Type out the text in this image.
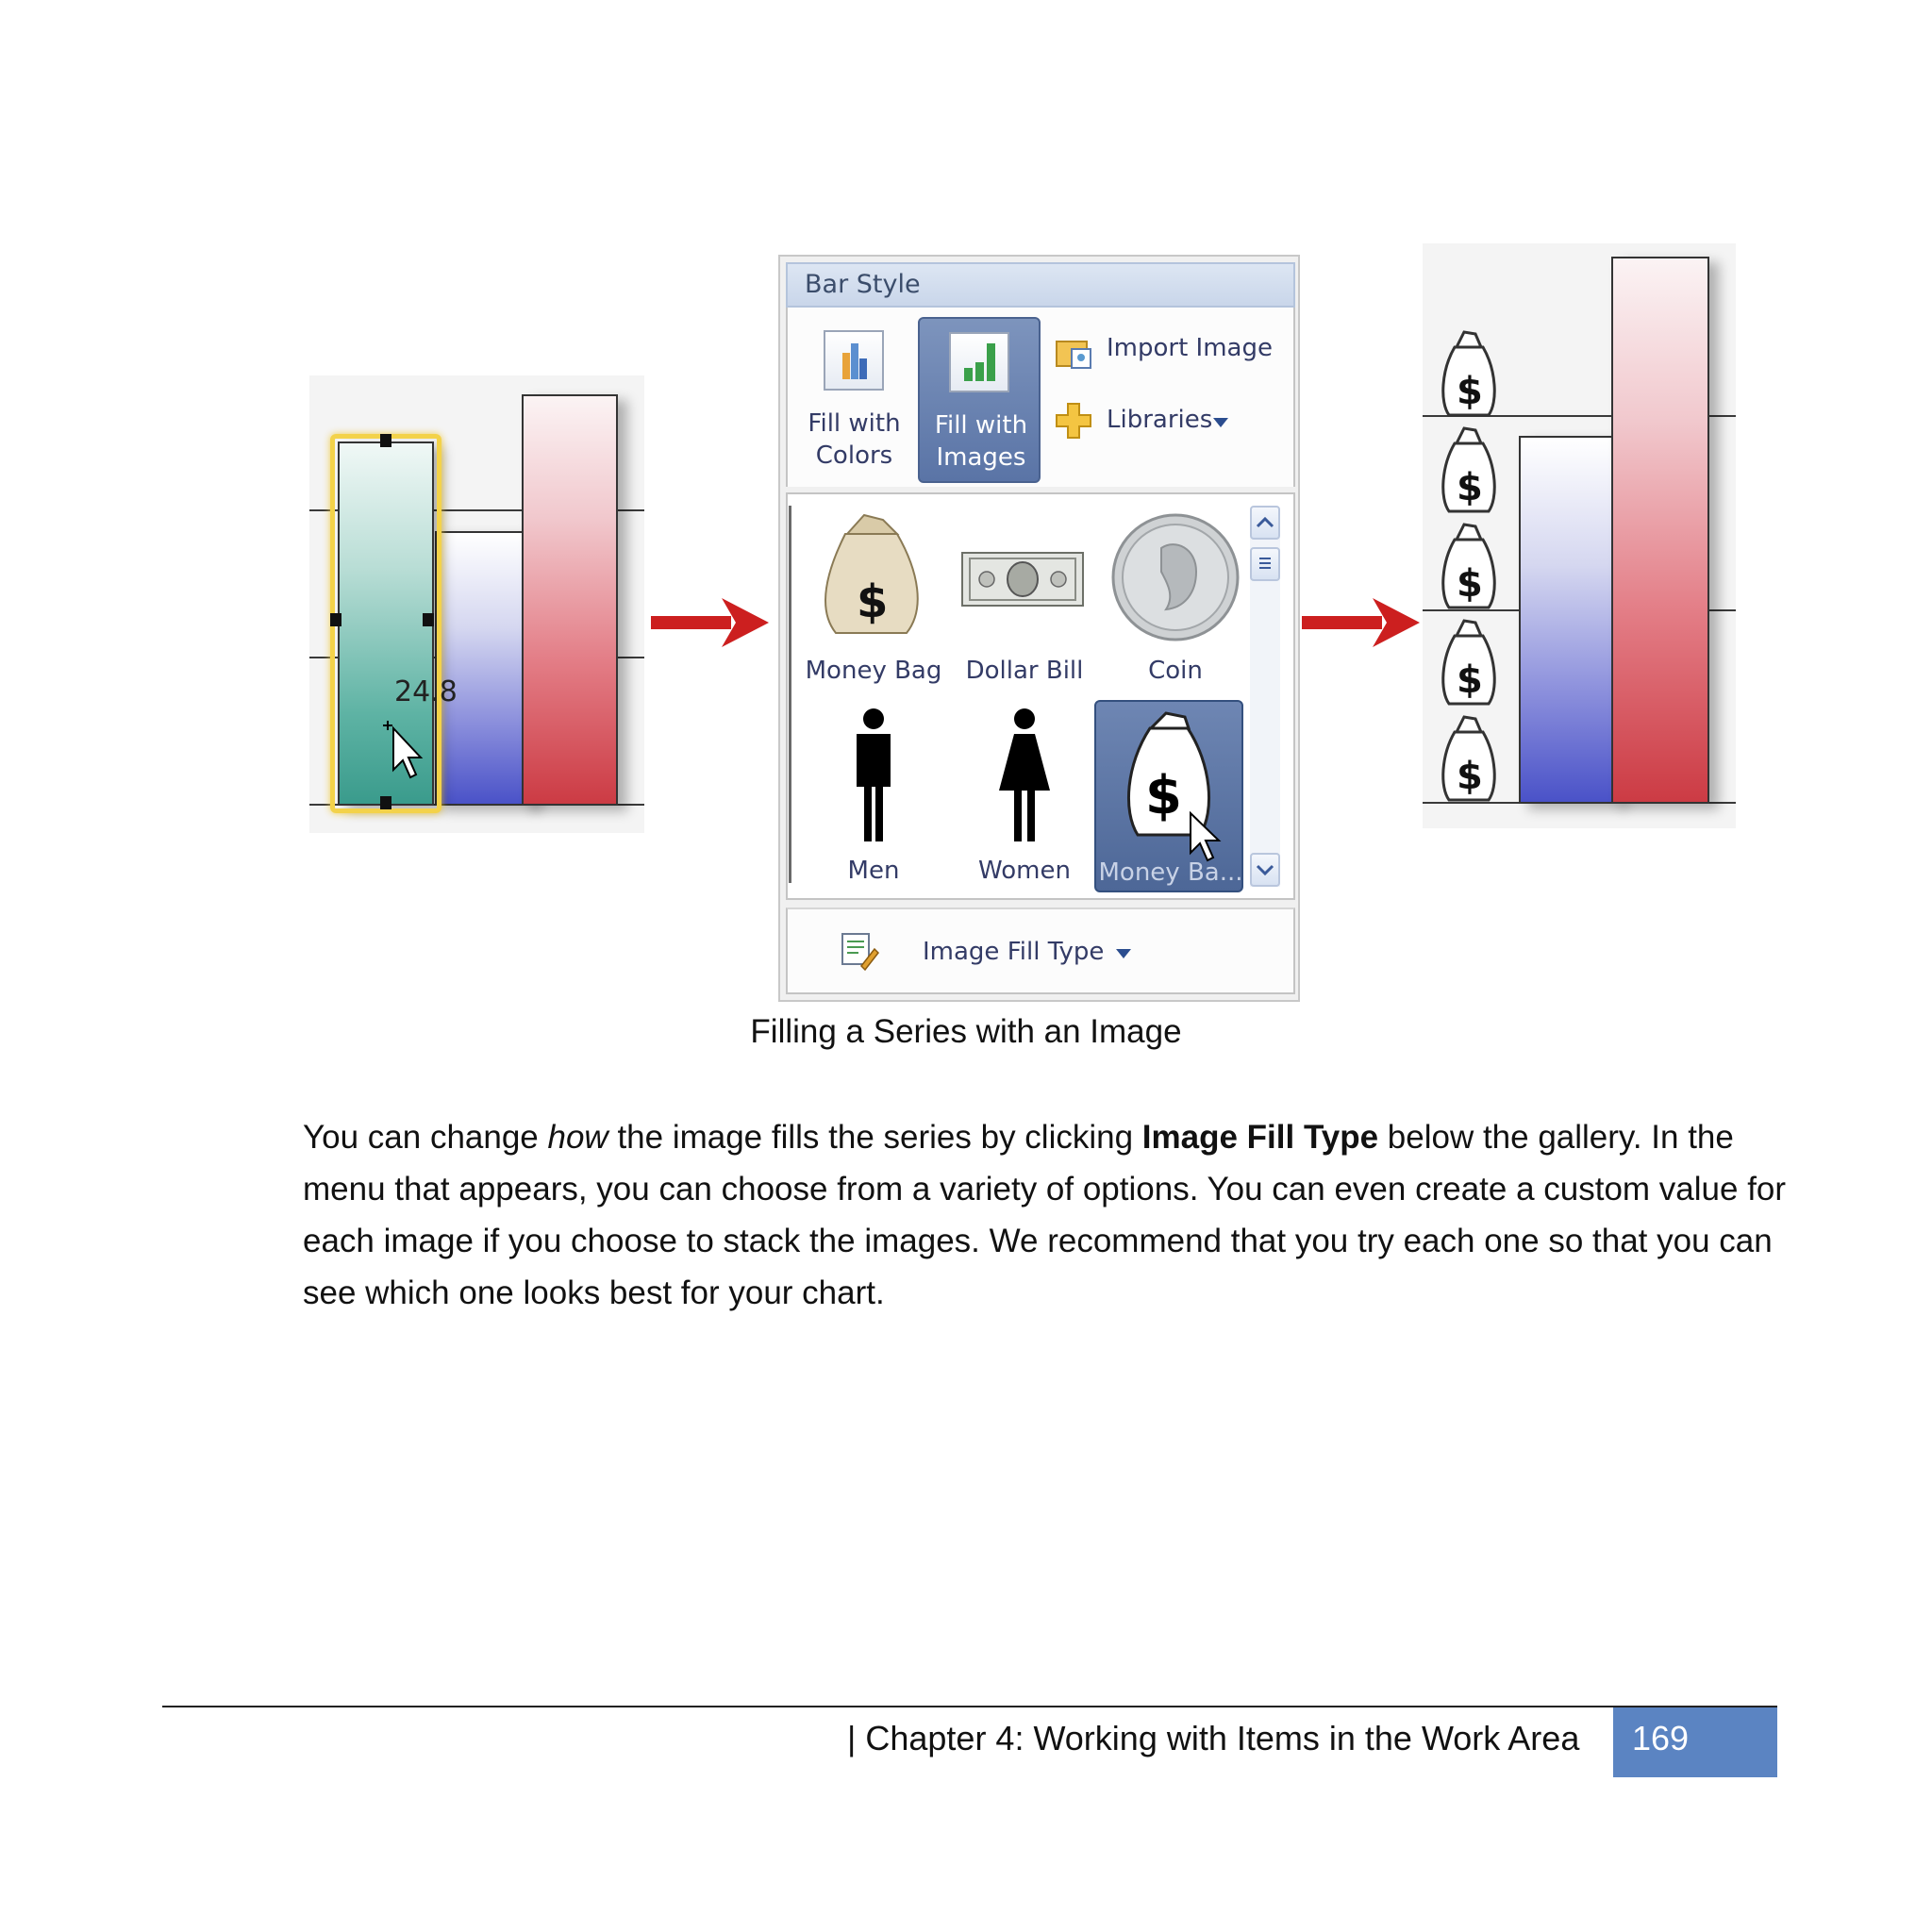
24.8
Bar Style
Fill with
Colors
Fill with
Images
Import Image
Libraries
$
Money Bag Dollar Bill	Coin
Men	Women
$
Money Ba...
Image Fill Type
$
$
$
$
$
Filling a Series with an Image
You can change how the image fills the series by clicking Image Fill Type below the gallery. In the menu that appears, you can choose from a variety of options. You can even create a custom value for each image if you choose to stack the images. We recommend that you try each one so that you can see which one looks best for your chart.
| Chapter 4: Working with Items in the Work Area 169
